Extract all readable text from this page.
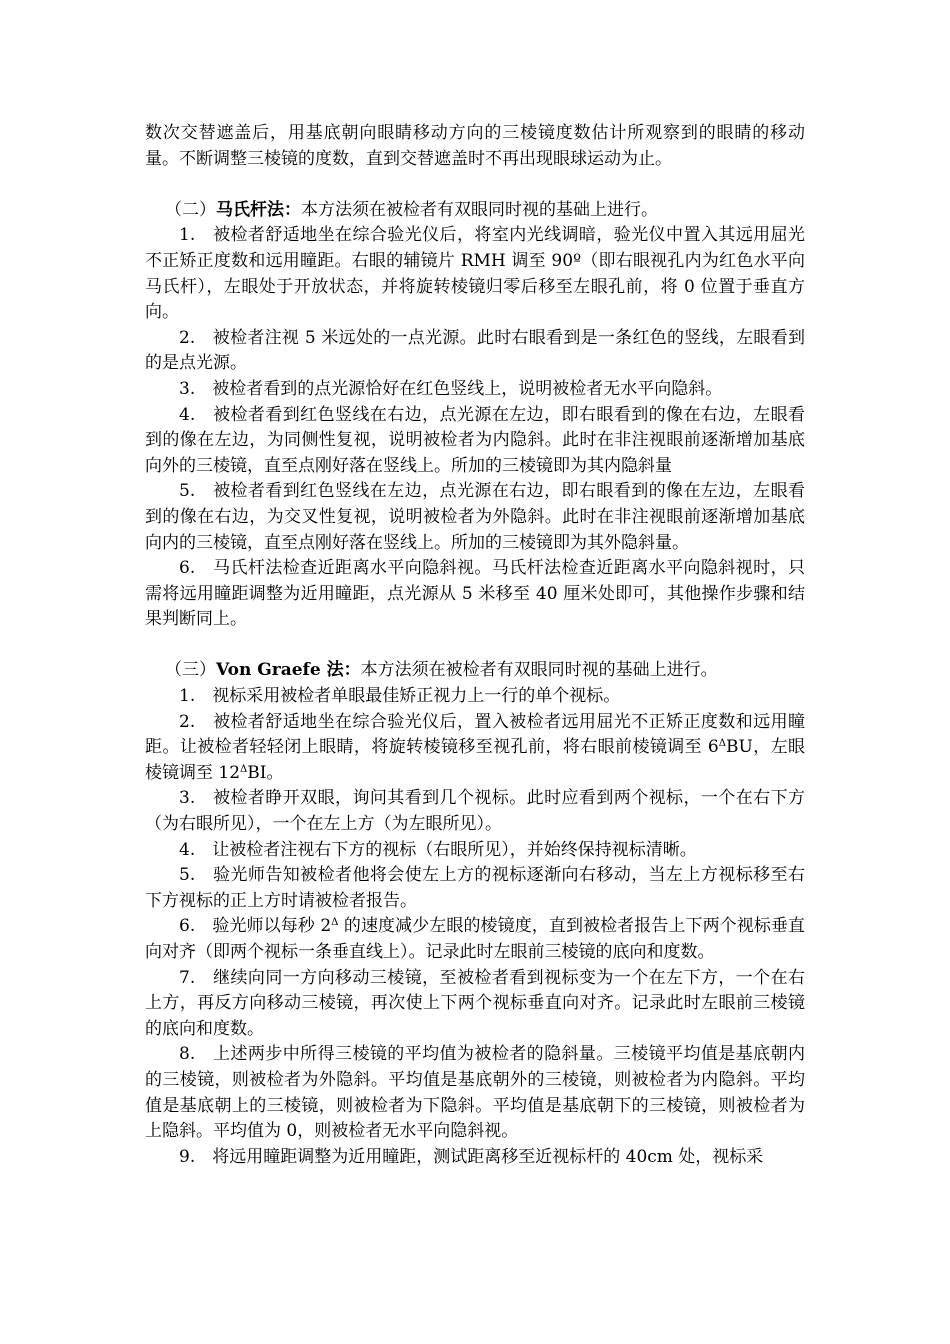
数次交替遮盖后，用基底朝向眼睛移动方向的三棱镜度数估计所观察到的眼睛的移动量。不断调整三棱镜的度数，直到交替遮盖时不再出现眼球运动为止。

（二）马氏杆法：本方法须在被检者有双眼同时视的基础上进行。

1.　被检者舒适地坐在综合验光仪后，将室内光线调暗，验光仪中置入其远用屈光不正矫正度数和远用瞳距。右眼的辅镜片 RMH 调至 90º（即右眼视孔内为红色水平向马氏杆），左眼处于开放状态，并将旋转棱镜归零后移至左眼孔前，将 0 位置于垂直方向。

2.　被检者注视 5 米远处的一点光源。此时右眼看到是一条红色的竖线，左眼看到的是点光源。

3.　被检者看到的点光源恰好在红色竖线上，说明被检者无水平向隐斜。

4.　被检者看到红色竖线在右边，点光源在左边，即右眼看到的像在右边，左眼看到的像在左边，为同侧性复视，说明被检者为内隐斜。此时在非注视眼前逐渐增加基底向外的三棱镜，直至点刚好落在竖线上。所加的三棱镜即为其内隐斜量

5.　被检者看到红色竖线在左边，点光源在右边，即右眼看到的像在左边，左眼看到的像在右边，为交叉性复视，说明被检者为外隐斜。此时在非注视眼前逐渐增加基底向内的三棱镜，直至点刚好落在竖线上。所加的三棱镜即为其外隐斜量。

6.　马氏杆法检查近距离水平向隐斜视。马氏杆法检查近距离水平向隐斜视时，只需将远用瞳距调整为近用瞳距，点光源从 5 米移至 40 厘米处即可，其他操作步骤和结果判断同上。

（三）Von Graefe 法：本方法须在被检者有双眼同时视的基础上进行。

1.　视标采用被检者单眼最佳矫正视力上一行的单个视标。

2.　被检者舒适地坐在综合验光仪后，置入被检者远用屈光不正矫正度数和远用瞳距。让被检者轻轻闭上眼睛，将旋转棱镜移至视孔前，将右眼前棱镜调至 $6^\Delta BU$，左眼棱镜调至 $12^\Delta BI$。

3.　被检者睁开双眼，询问其看到几个视标。此时应看到两个视标，一个在右下方（为右眼所见），一个在左上方（为左眼所见）。

4.　让被检者注视右下方的视标（右眼所见），并始终保持视标清晰。

5.　验光师告知被检者他将会使左上方的视标逐渐向右移动，当左上方视标移至右下方视标的正上方时请被检者报告。

6.　验光师以每秒 $2^\Delta$ 的速度减少左眼的棱镜度，直到被检者报告上下两个视标垂直向对齐（即两个视标一条垂直线上）。记录此时左眼前三棱镜的底向和度数。

7.　继续向同一方向移动三棱镜，至被检者看到视标变为一个在左下方，一个在右上方，再反方向移动三棱镜，再次使上下两个视标垂直向对齐。记录此时左眼前三棱镜的底向和度数。

8.　上述两步中所得三棱镜的平均值为被检者的隐斜量。三棱镜平均值是基底朝内的三棱镜，则被检者为外隐斜。平均值是基底朝外的三棱镜，则被检者为内隐斜。平均值是基底朝上的三棱镜，则被检者为下隐斜。平均值是基底朝下的三棱镜，则被检者为上隐斜。平均值为 0，则被检者无水平向隐斜视。

9.　将远用瞳距调整为近用瞳距，测试距离移至近视标杆的 40cm 处，视标采
